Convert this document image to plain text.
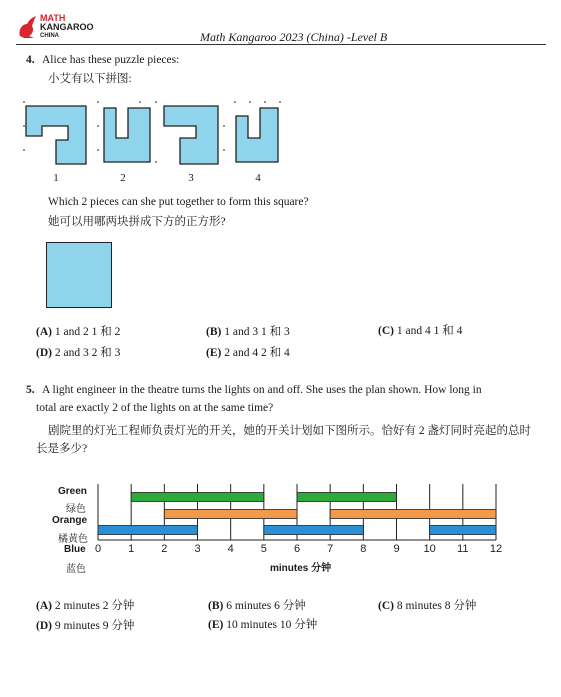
MATH
KANGAROO
CHINA	Math Kangaroo 2023 (China) -Level B
4. Alice has these puzzle pieces:
小艾有以下拼图:
1	2	3	4
Which 2 pieces can she put together to form this square?
她可以用哪两块拼成下方的正方形?
(A) 1 and 2 1 和 2	(B) 1 and 3 1 和 3	(C) 1 and 4 1 和 4
(D) 2 and 3 2 和 3	(E) 2 and 4 2 和 4
5. A light engineer in the theatre turns the lights on and off. She uses the plan shown. How long in
total are exactly 2 of the lights on at the same time?
剧院里的灯光工程师负责灯光的开关，她的开关计划如下图所示。恰好有 2 盏灯同时亮起的总时
长是多少?
Green
绿色
Orange
橘黄色
Blue
蓝色
0 1 2 3 4 5 6 7 8 9 10 11 12
minutes 分钟
(A) 2 minutes 2 分钟	(B) 6 minutes 6 分钟	(C) 8 minutes 8 分钟
(D) 9 minutes 9 分钟	(E) 10 minutes 10 分钟
